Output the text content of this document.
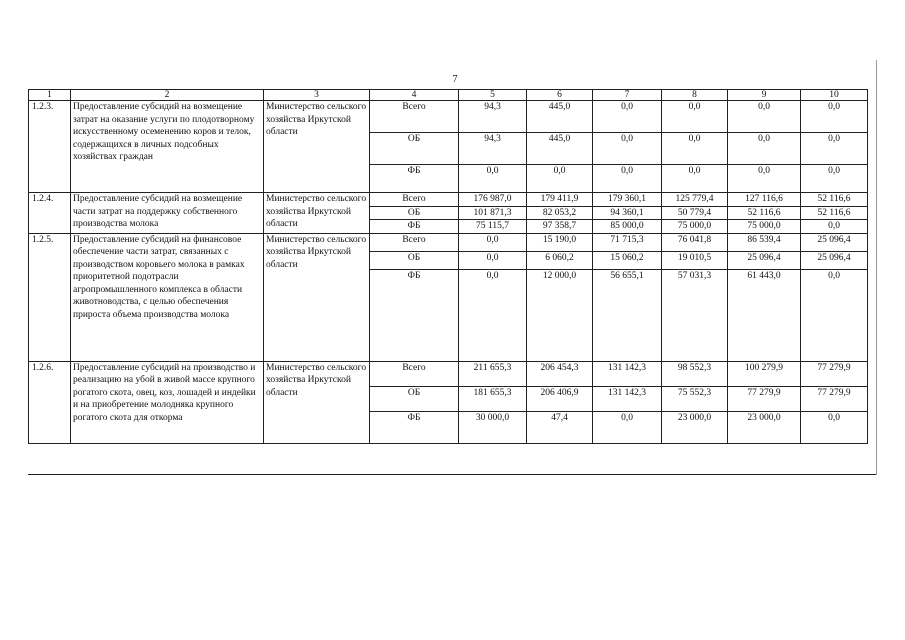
7
1	2	3	4	5	6	7	8	9	10
1.2.3.	Предоставление субсидий на возмещение затрат на оказание услуги по плодотворному искусственному осеменению коров и телок, содержащихся в личных подсобных хозяйствах граждан	Министерство сельского хозяйства Иркутской области	Всего	94,3	445,0	0,0	0,0	0,0	0,0
			ОБ	94,3	445,0	0,0	0,0	0,0	0,0
			ФБ	0,0	0,0	0,0	0,0	0,0	0,0
1.2.4.	Предоставление субсидий на возмещение части затрат на поддержку собственного производства молока	Министерство сельского хозяйства Иркутской области	Всего	176 987,0	179 411,9	179 360,1	125 779,4	127 116,6	52 116,6
			ОБ	101 871,3	82 053,2	94 360,1	50 779,4	52 116,6	52 116,6
			ФБ	75 115,7	97 358,7	85 000,0	75 000,0	75 000,0	0,0
1.2.5.	Предоставление субсидий на финансовое обеспечение части затрат, связанных с производством коровьего молока в рамках приоритетной подотрасли агропромышленного комплекса в области животноводства, с целью обеспечения прироста объема производства молока	Министерство сельского хозяйства Иркутской области	Всего	0,0	15 190,0	71 715,3	76 041,8	86 539,4	25 096,4
			ОБ	0,0	6 060,2	15 060,2	19 010,5	25 096,4	25 096,4
			ФБ	0,0	12 000,0	56 655,1	57 031,3	61 443,0	0,0
1.2.6.	Предоставление субсидий на производство и реализацию на убой в живой массе крупного рогатого скота, овец, коз, лошадей и индейки и на приобретение молодняка крупного рогатого скота для откорма	Министерство сельского хозяйства Иркутской области	Всего	211 655,3	206 454,3	131 142,3	98 552,3	100 279,9	77 279,9
			ОБ	181 655,3	206 406,9	131 142,3	75 552,3	77 279,9	77 279,9
			ФБ	30 000,0	47,4	0,0	23 000,0	23 000,0	0,0
